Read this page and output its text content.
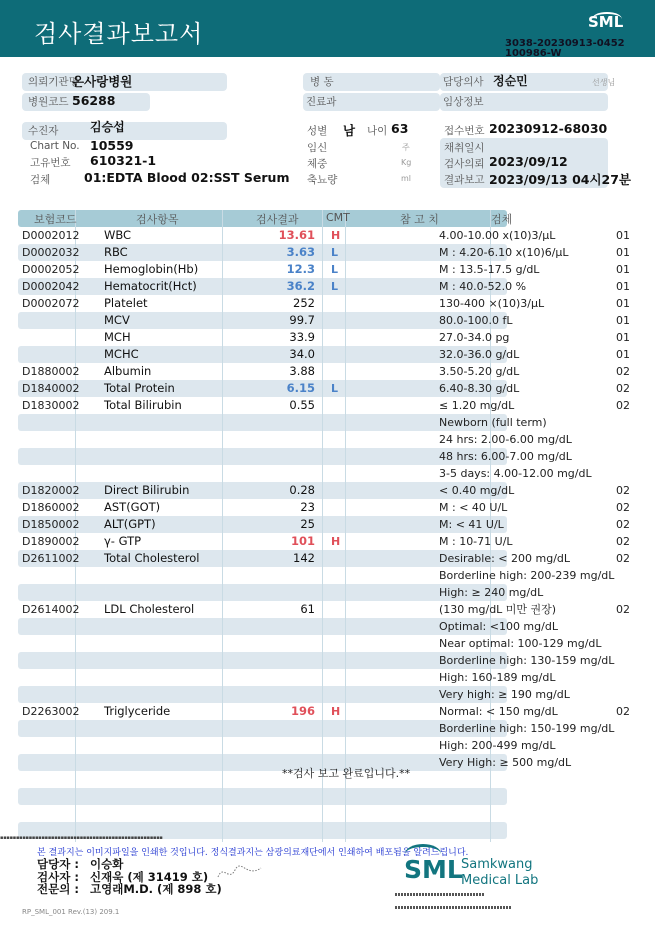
검사결과보고서	SML
3038-20230913-0452
100986-W
의뢰기관명
온사랑병원
병원코드 56288
병 동
진료과
담당의사 정순민	선생님
임상정보
수진자	김승섭
Chart No. 10559
고유번호 610321-1
검체	01:EDTA Blood 02:SST Serum
성별 남 나이 63
임신	주
체중	Kg
축뇨량	ml
접수번호 20230912-68030
채취일시
검사의뢰 2023/09/12
결과보고 2023/09/13 04시27분
보험코드	검사항목	검사결과 CMT	참 고 치	검체
D0002012 WBC	13.61 H	4.00-10.00 x(10)3/μL	01
D0002032 RBC	3.63 L	M : 4.20-6.10 x(10)6/μL	01
D0002052 Hemoglobin(Hb)	12.3 L	M : 13.5-17.5 g/dL	01
D0002042 Hematocrit(Hct)	36.2 L	M : 40.0-52.0 %	01
D0002072 Platelet	252	130-400 ×(10)3/μL	01
MCV	99.7	80.0-100.0 fL	01
MCH	33.9	27.0-34.0 pg	01
MCHC	34.0	32.0-36.0 g/dL	01
D1880002 Albumin	3.88	3.50-5.20 g/dL	02
D1840002 Total Protein	6.15 L	6.40-8.30 g/dL	02
D1830002 Total Bilirubin	0.55	≤ 1.20 mg/dL	02
Newborn (full term)
24 hrs: 2.00-6.00 mg/dL
48 hrs: 6.00-7.00 mg/dL
3-5 days: 4.00-12.00 mg/dL
D1820002 Direct Bilirubin	0.28	< 0.40 mg/dL	02
D1860002 AST(GOT)	23	M : < 40 U/L	02
D1850002 ALT(GPT)	25	M: < 41 U/L	02
D1890002 γ- GTP	101 H	M : 10-71 U/L	02
D2611002 Total Cholesterol	142	Desirable: < 200 mg/dL	02
Borderline high: 200-239 mg/dL
High: ≥ 240 mg/dL
D2614002 LDL Cholesterol	61	(130 mg/dL 미만 권장)	02
Optimal: <100 mg/dL
Near optimal: 100-129 mg/dL
Borderline high: 130-159 mg/dL
High: 160-189 mg/dL
Very high: ≥ 190 mg/dL
D2263002 Triglyceride	196 H	Normal: < 150 mg/dL	02
Borderline high: 150-199 mg/dL
High: 200-499 mg/dL
Very High: ≥ 500 mg/dL
**검사 보고 완료입니다.**
▪▪▪▪▪▪▪▪▪▪▪▪▪▪▪▪▪▪▪▪▪▪▪▪▪▪▪▪▪▪▪▪▪▪▪▪▪▪▪▪▪▪▪▪▪▪▪▪▪▪▪
본 결과지는 이미지파일을 인쇄한 것입니다. 정식결과지는 삼광의료재단에서 인쇄하여 배포됨을 알려드립니다.
담당자 : 이승화
검사자 : 신재욱 (제 31419 호)
전문의 : 고영래M.D. (제 898 호)
SML
Samkwang
Medical Lab
RP_SML_001 Rev.(13) 209.1
